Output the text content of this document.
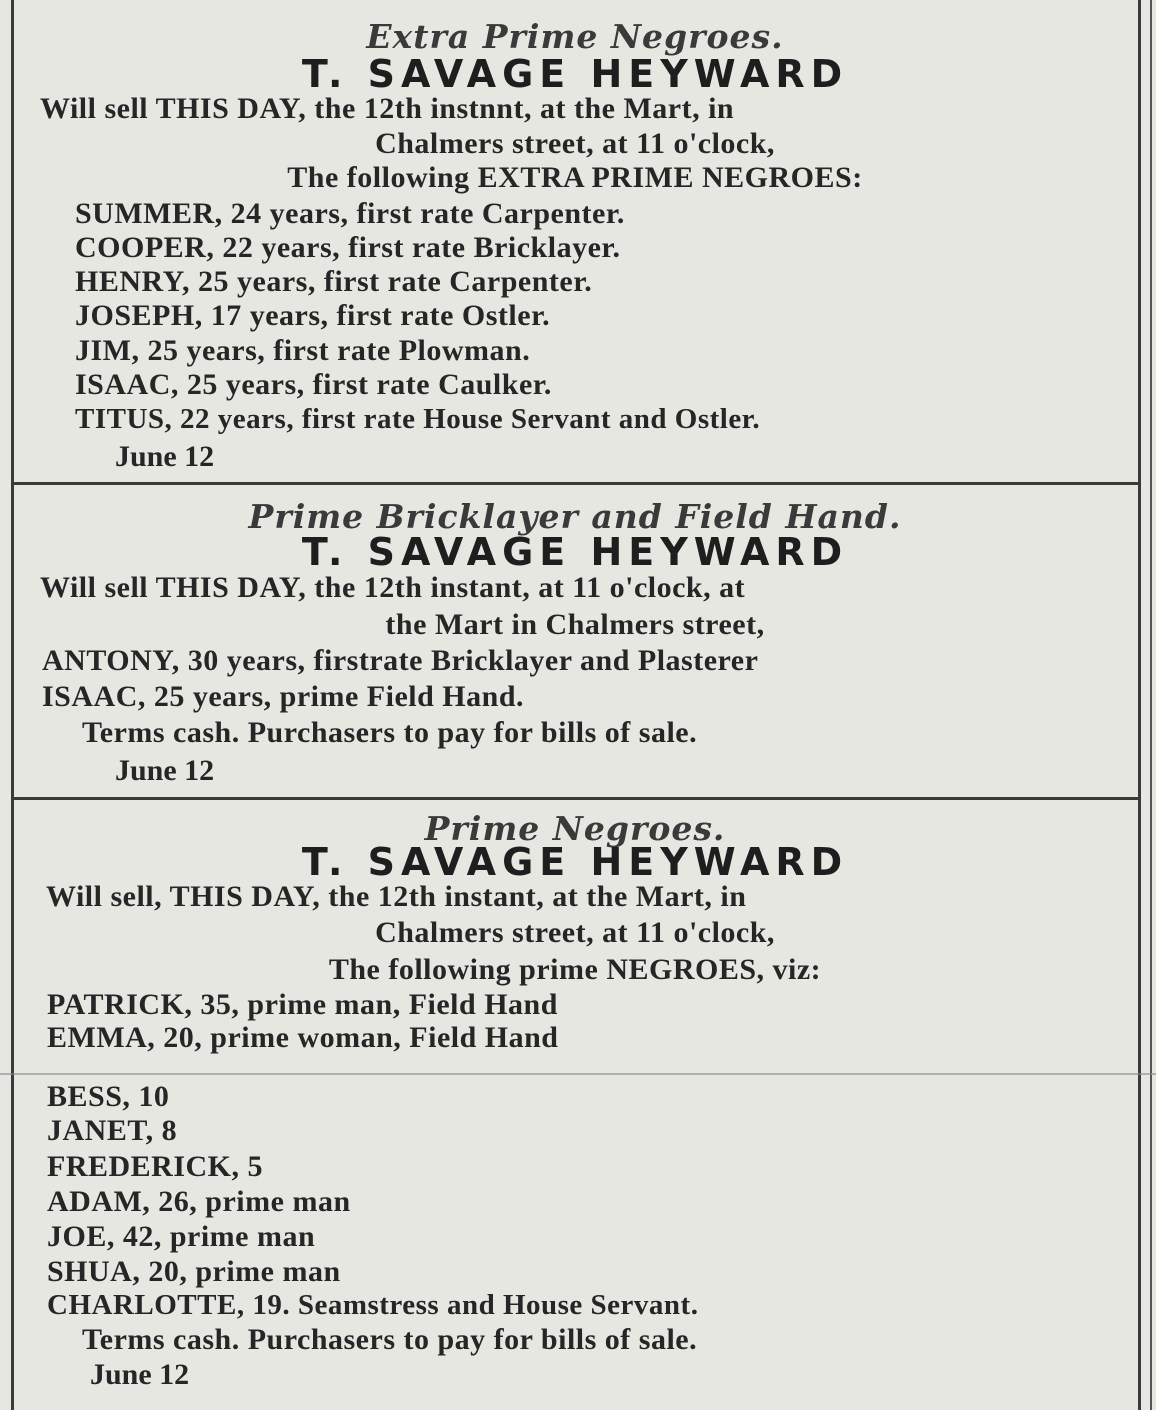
Extra Prime Negroes.
T. SAVAGE HEYWARD
Will sell THIS DAY, the 12th instnnt, at the Mart, in
Chalmers street, at 11 o'clock,
The following EXTRA PRIME NEGROES:
SUMMER, 24 years, first rate Carpenter.
COOPER, 22 years, first rate Bricklayer.
HENRY, 25 years, first rate Carpenter.
JOSEPH, 17 years, first rate Ostler.
JIM, 25 years, first rate Plowman.
ISAAC, 25 years, first rate Caulker.
TITUS, 22 years, first rate House Servant and Ostler.
June 12
Prime Bricklayer and Field Hand.
T. SAVAGE HEYWARD
Will sell THIS DAY, the 12th instant, at 11 o'clock, at
the Mart in Chalmers street,
ANTONY, 30 years, firstrate Bricklayer and Plasterer
ISAAC, 25 years, prime Field Hand.
Terms cash. Purchasers to pay for bills of sale.
June 12
Prime Negroes.
T. SAVAGE HEYWARD
Will sell, THIS DAY, the 12th instant, at the Mart, in
Chalmers street, at 11 o'clock,
The following prime NEGROES, viz:
PATRICK, 35, prime man, Field Hand
EMMA, 20, prime woman, Field Hand
BESS, 10
JANET, 8
FREDERICK, 5
ADAM, 26, prime man
JOE, 42, prime man
SHUA, 20, prime man
CHARLOTTE, 19. Seamstress and House Servant.
Terms cash. Purchasers to pay for bills of sale.
June 12
